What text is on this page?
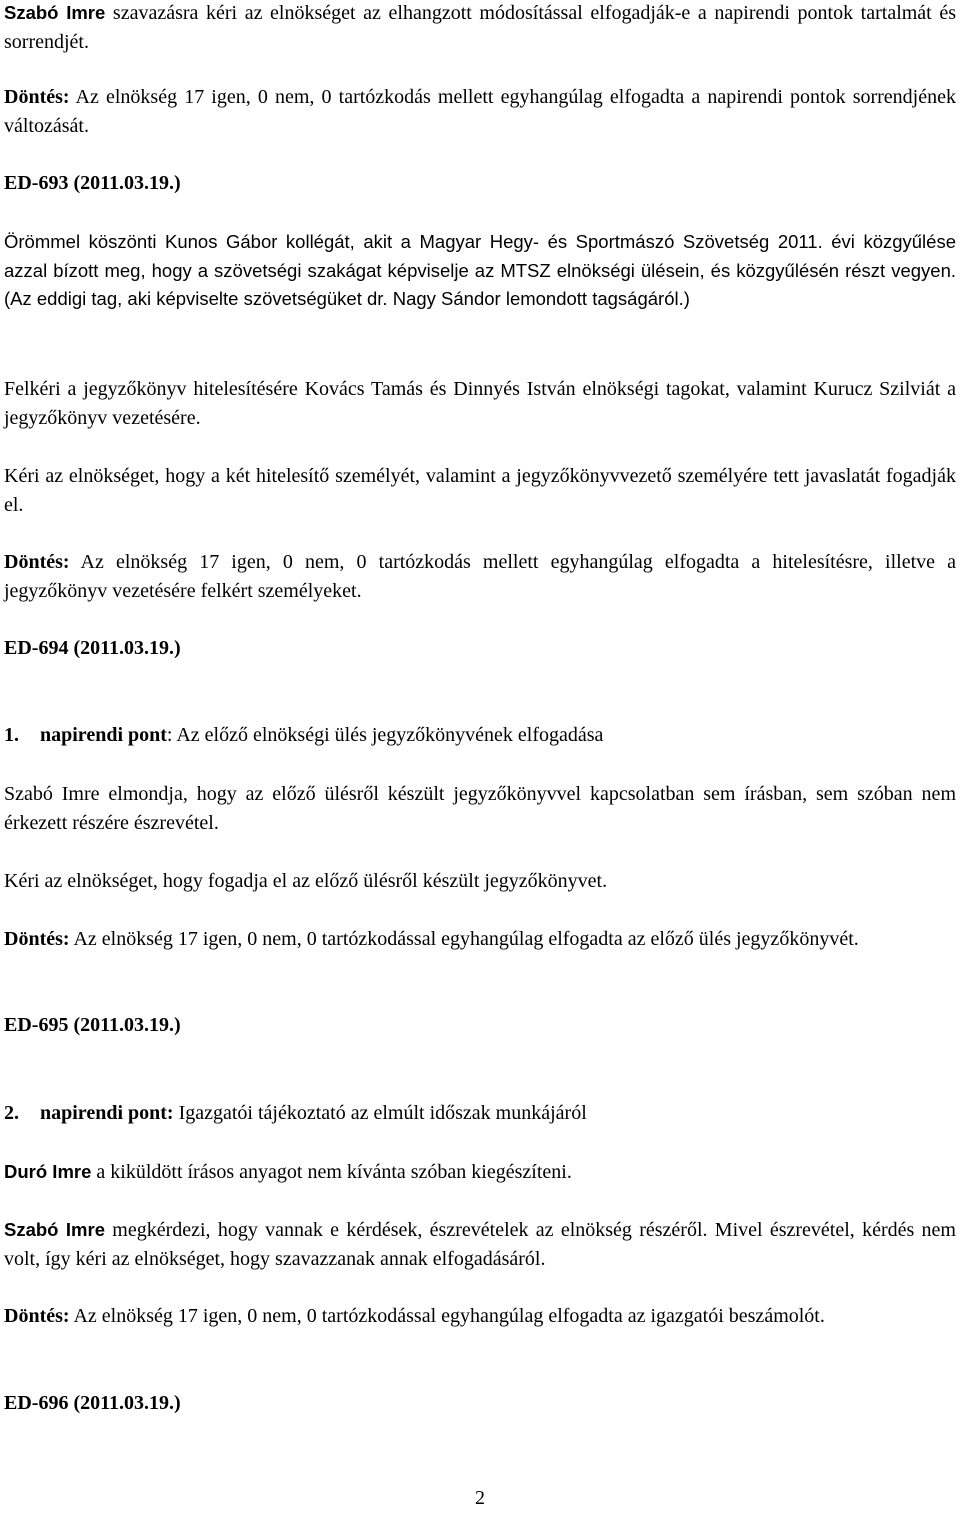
Szabó Imre szavazásra kéri az elnökséget az elhangzott módosítással elfogadják-e a napirendi pontok tartalmát és sorrendjét.

Döntés: Az elnökség 17 igen, 0 nem, 0 tartózkodás mellett egyhangúlag elfogadta a napirendi pontok sorrendjének változását.

ED-693 (2011.03.19.)

Örömmel köszönti Kunos Gábor kollégát, akit a Magyar Hegy- és Sportmászó Szövetség 2011. évi közgyűlése azzal bízott meg, hogy a szövetségi szakágat képviselje az MTSZ elnökségi ülésein, és közgyűlésén részt vegyen. (Az eddigi tag, aki képviselte szövetségüket dr. Nagy Sándor lemondott tagságáról.)

Felkéri a jegyzőkönyv hitelesítésére Kovács Tamás és Dinnyés István elnökségi tagokat, valamint Kurucz Szilviát a jegyzőkönyv vezetésére.

Kéri az elnökséget, hogy a két hitelesítő személyét, valamint a jegyzőkönyvvezető személyére tett javaslatát fogadják el.

Döntés: Az elnökség 17 igen, 0 nem, 0 tartózkodás mellett egyhangúlag elfogadta a hitelesítésre, illetve a jegyzőkönyv vezetésére felkért személyeket.

ED-694 (2011.03.19.)

1. napirendi pont: Az előző elnökségi ülés jegyzőkönyvének elfogadása

Szabó Imre elmondja, hogy az előző ülésről készült jegyzőkönyvvel kapcsolatban sem írásban, sem szóban nem érkezett részére észrevétel.

Kéri az elnökséget, hogy fogadja el az előző ülésről készült jegyzőkönyvet.

Döntés: Az elnökség 17 igen, 0 nem, 0 tartózkodással egyhangúlag elfogadta az előző ülés jegyzőkönyvét.

ED-695 (2011.03.19.)

2. napirendi pont: Igazgatói tájékoztató az elmúlt időszak munkájáról

Duró Imre a kiküldött írásos anyagot nem kívánta szóban kiegészíteni.

Szabó Imre megkérdezi, hogy vannak e kérdések, észrevételek az elnökség részéről. Mivel észrevétel, kérdés nem volt, így kéri az elnökséget, hogy szavazzanak annak elfogadásáról.

Döntés: Az elnökség 17 igen, 0 nem, 0 tartózkodással egyhangúlag elfogadta az igazgatói beszámolót.

ED-696 (2011.03.19.)

2
